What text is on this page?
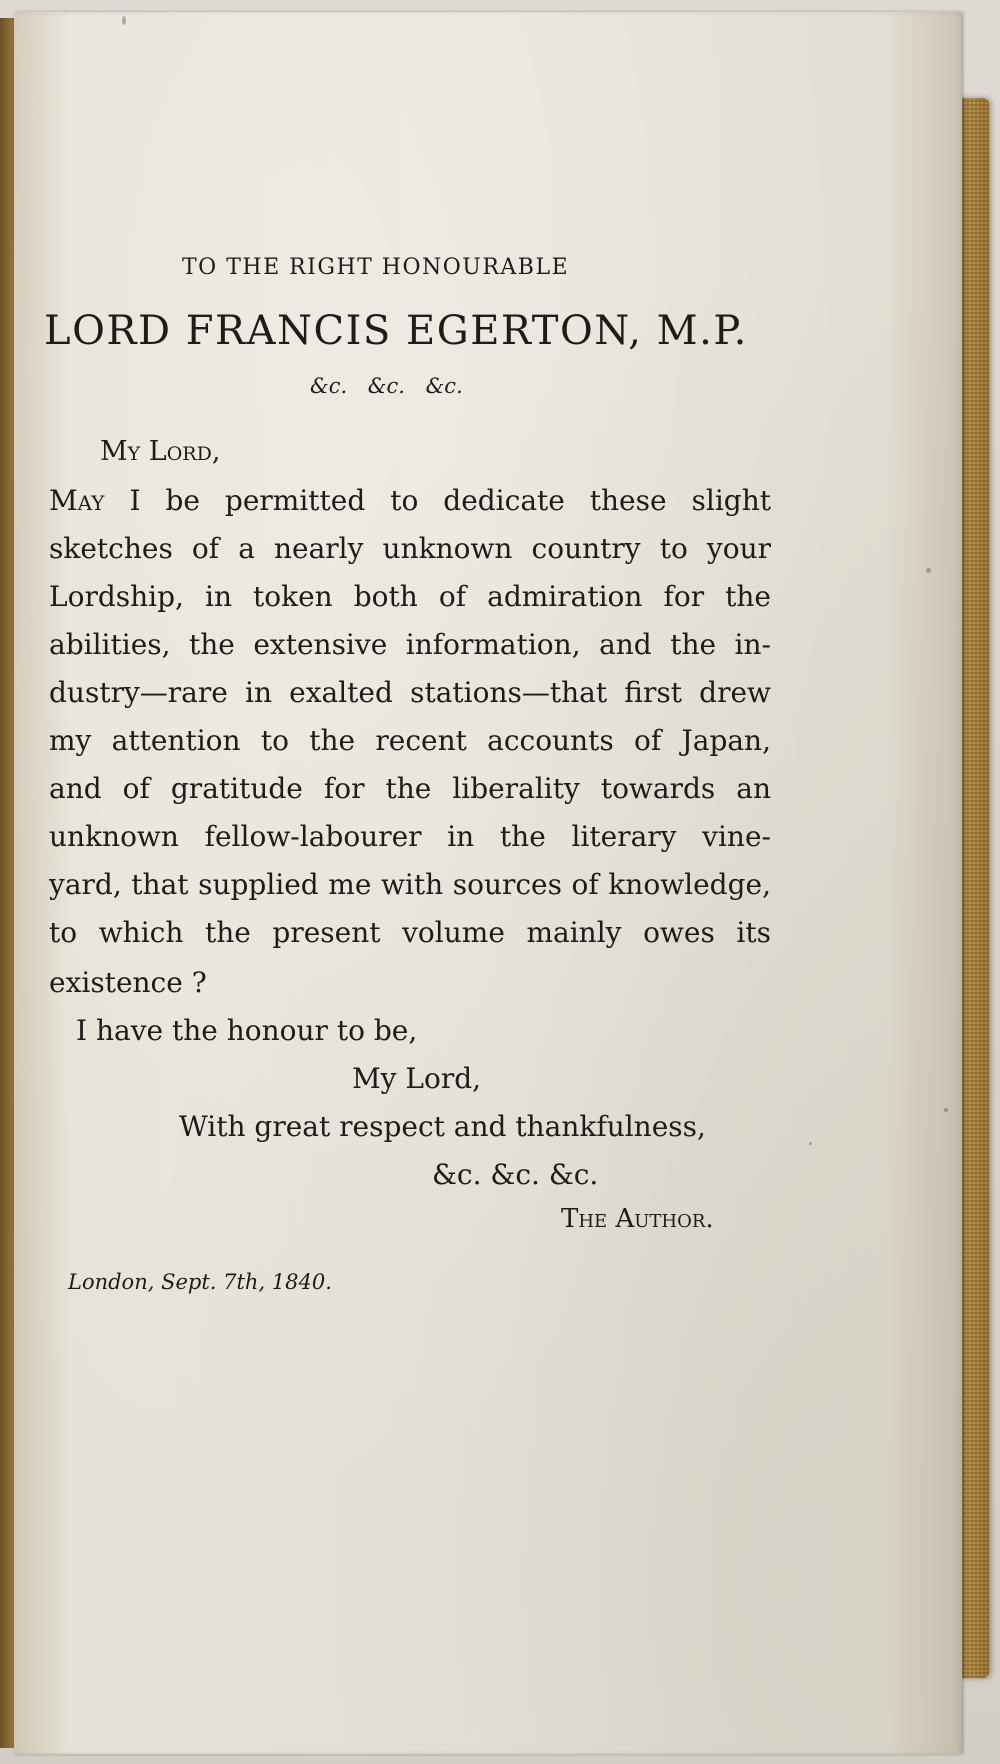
TO THE RIGHT HONOURABLE
LORD FRANCIS EGERTON, M.P.
&c. &c. &c.
My Lord,
May I be permitted to dedicate these slight
sketches of a nearly unknown country to your
Lordship, in token both of admiration for the
abilities, the extensive information, and the in-
dustry—rare in exalted stations—that first drew
my attention to the recent accounts of Japan,
and of gratitude for the liberality towards an
unknown fellow-labourer in the literary vine-
yard, that supplied me with sources of knowledge,
to which the present volume mainly owes its
existence ?
I have the honour to be,
My Lord,
With great respect and thankfulness,
&c. &c. &c.
The Author.
London, Sept. 7th, 1840.
